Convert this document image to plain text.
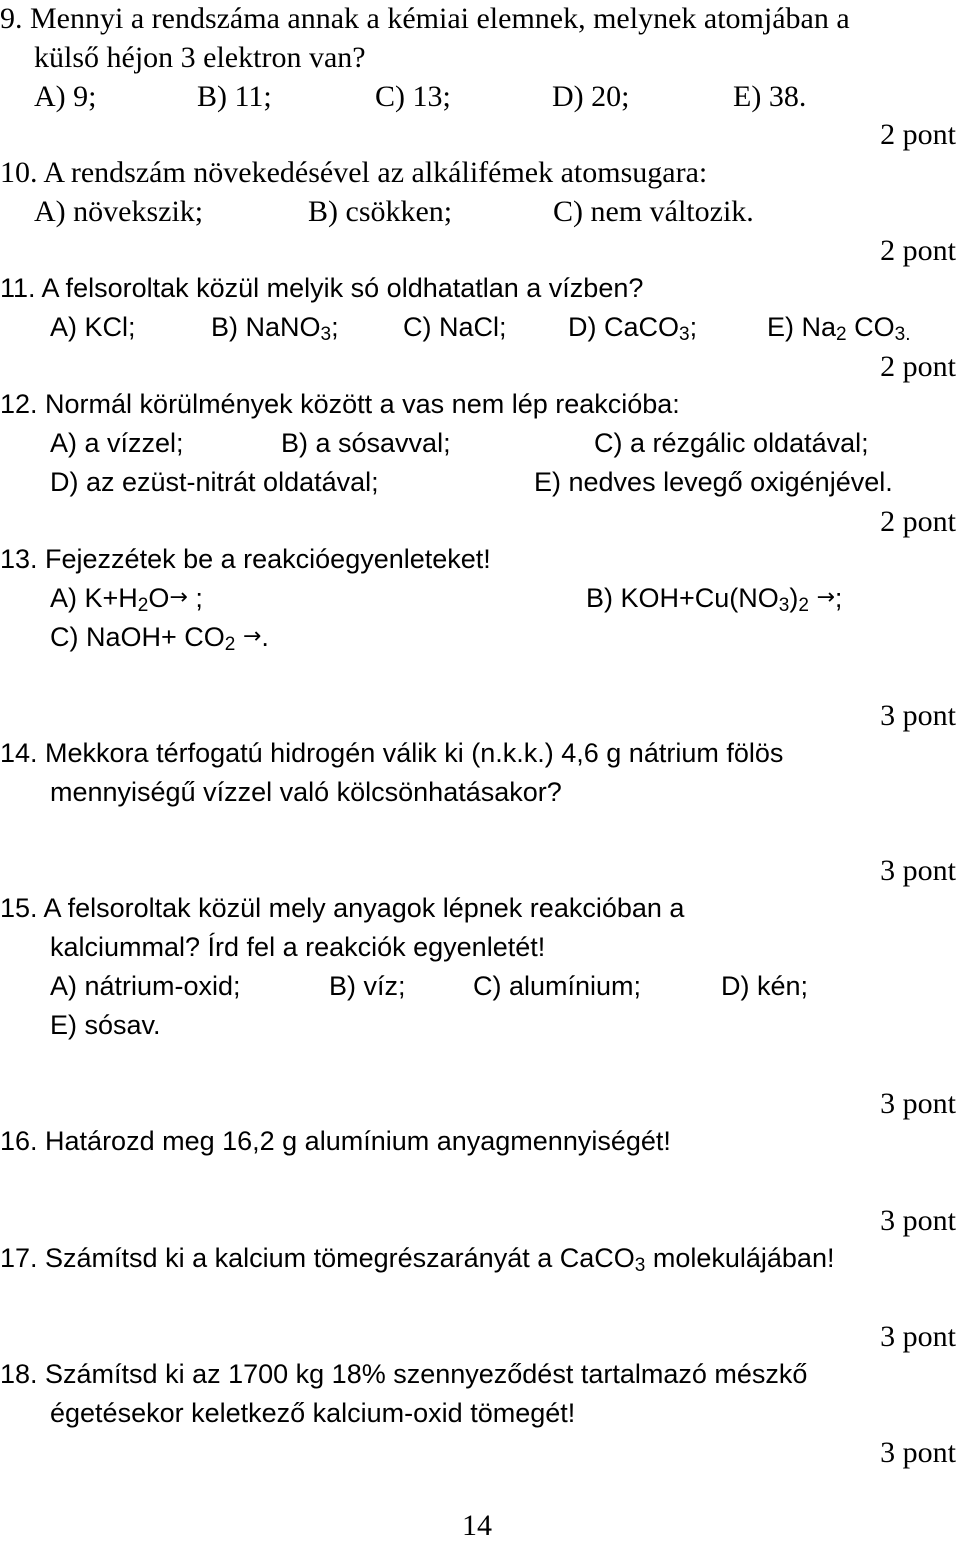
9. Mennyi a rendszáma annak a kémiai elemnek, melynek atomjában a
külső héjon 3 elektron van?
A) 9;	B) 11;	C) 13;	D) 20;	E) 38.
2 pont
10. A rendszám növekedésével az alkálifémek atomsugara:
A) növekszik;	B) csökken;	C) nem változik.
2 pont
11. A felsoroltak közül melyik só oldhatatlan a vízben?
A) KCl;	B) NaNO$_3$; C) NaCl; D) CaCO$_3$;	E) $Na_2$ $CO_{3.}$
2 pont
12. Normál körülmények között a vas nem lép reakcióba:
A) a vízzel;	B) a sósavval;	C) a rézgálic oldatával;
D) az ezüst-nitrát oldatával;	E) nedves levegő oxigénjével.
2 pont
13. Fejezzétek be a reakcióegyenleteket!
A) $K+H_2O\to$ ;	B) $KOH+Cu(NO_3)_2$ →;
C) NaOH+ $CO_2$ →.
3 pont
14. Mekkora térfogatú hidrogén válik ki (n.k.k.) 4,6 g nátrium fölös
mennyiségű vízzel való kölcsönhatásakor?
3 pont
15. A felsoroltak közül mely anyagok lépnek reakcióban a
kalciummal? Írd fel a reakciók egyenletét!
A) nátrium-oxid;	B) víz; C) alumínium;	D) kén;
E) sósav.
3 pont
16. Határozd meg 16,2 g alumínium anyagmennyiségét!
3 pont
17. Számítsd ki a kalcium tömegrészarányát a CaCO$_3$ molekulájában!
3 pont
18. Számítsd ki az 1700 kg 18% szennyeződést tartalmazó mészkő
égetésekor keletkező kalcium-oxid tömegét!
3 pont
14
